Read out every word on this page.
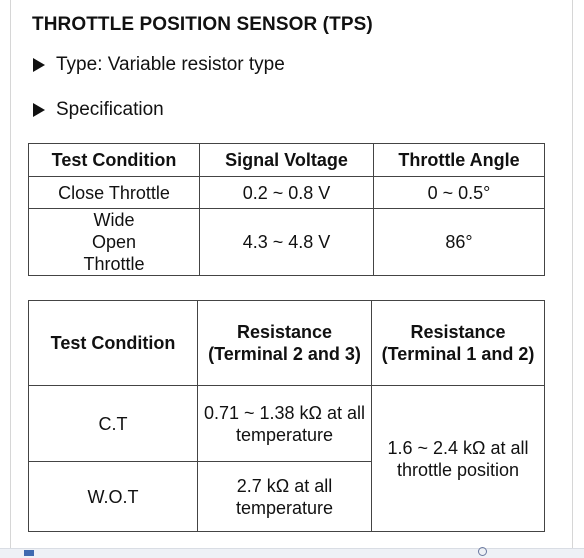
THROTTLE POSITION SENSOR (TPS)
Type: Variable resistor type
Specification
Test Condition	Signal Voltage	Throttle Angle
Close Throttle	0.2 ~ 0.8 V	0 ~ 0.5°
Wide Open Throttle	4.3 ~ 4.8 V	86°
Test Condition	Resistance (Terminal 2 and 3)	Resistance (Terminal 1 and 2)
C.T	0.71 ~ 1.38 kΩ at all temperature	1.6 ~ 2.4 kΩ at all throttle position
W.O.T	2.7 kΩ at all temperature	
